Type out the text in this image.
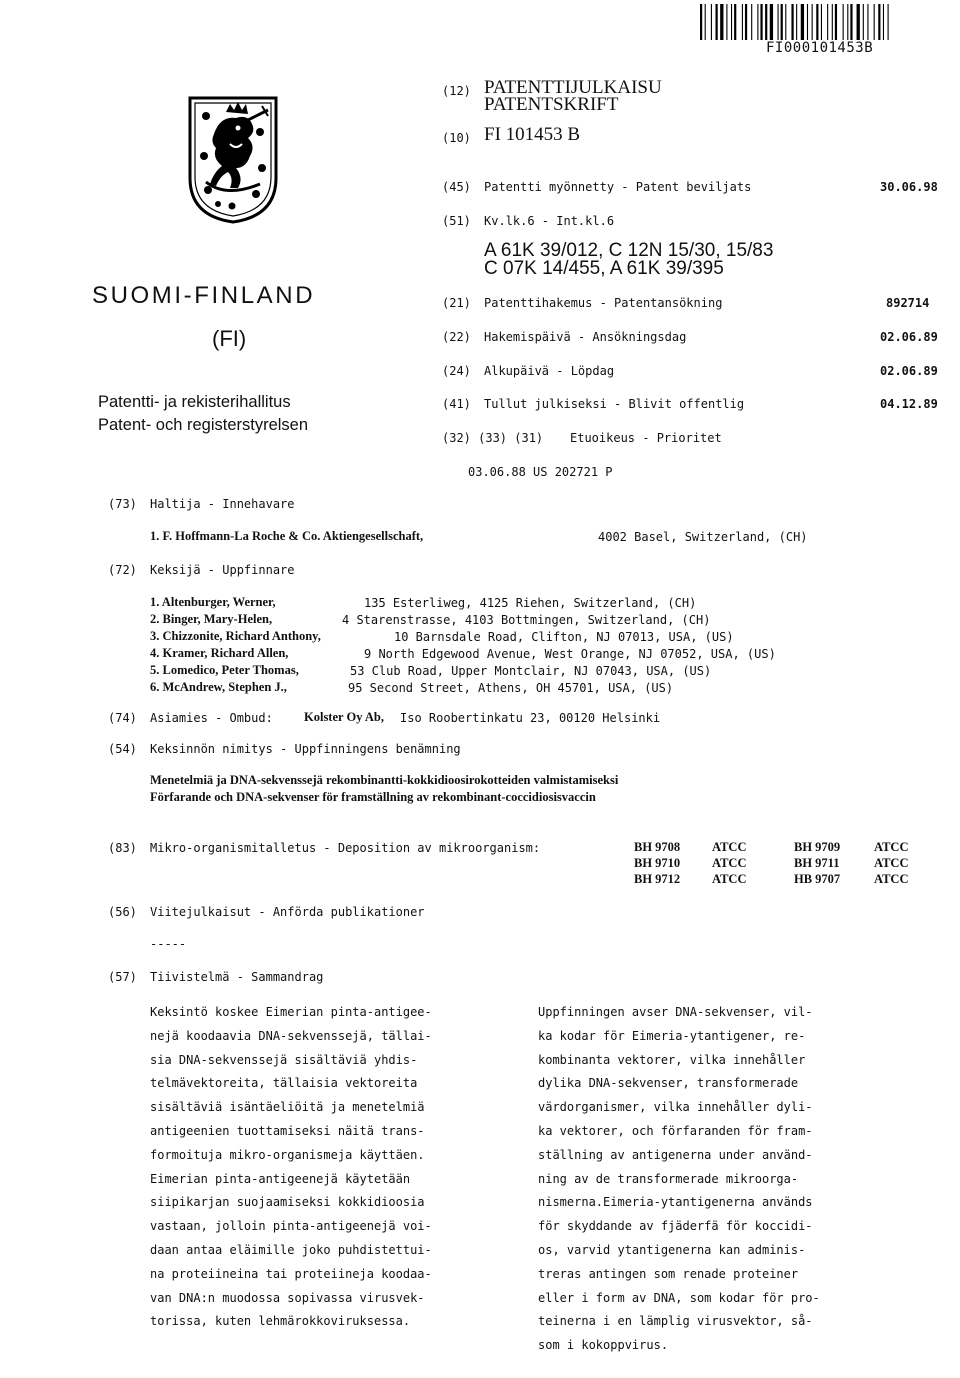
FI000101453B
SUOMI-FINLAND
(FI)
Patentti- ja rekisterihallitus
Patent- och registerstyrelsen
(12) PATENTTIJULKAISU
PATENTSKRIFT
(10) FI 101453 B
(45) Patentti myönnetty - Patent beviljats	30.06.98
(51) Kv.lk.6 - Int.kl.6
A 61K 39/012, C 12N 15/30, 15/83
C 07K 14/455, A 61K 39/395
(21) Patenttihakemus - Patentansökning	892714
(22) Hakemispäivä - Ansökningsdag	02.06.89
(24) Alkupäivä - Löpdag	02.06.89
(41) Tullut julkiseksi - Blivit offentlig	04.12.89
(32) (33) (31) Etuoikeus - Prioritet
03.06.88 US 202721 P
(73) Haltija - Innehavare
1. F. Hoffmann-La Roche & Co. Aktiengesellschaft,	4002 Basel, Switzerland, (CH)
(72) Keksijä - Uppfinnare
1. Altenburger, Werner,	135 Esterliweg, 4125 Riehen, Switzerland, (CH)
2. Binger, Mary-Helen,	4 Starenstrasse, 4103 Bottmingen, Switzerland, (CH)
3. Chizzonite, Richard Anthony,	10 Barnsdale Road, Clifton, NJ 07013, USA, (US)
4. Kramer, Richard Allen,	9 North Edgewood Avenue, West Orange, NJ 07052, USA, (US)
5. Lomedico, Peter Thomas,	53 Club Road, Upper Montclair, NJ 07043, USA, (US)
6. McAndrew, Stephen J.,	95 Second Street, Athens, OH 45701, USA, (US)
(74) Asiamies - Ombud: Kolster Oy Ab, Iso Roobertinkatu 23, 00120 Helsinki
(54) Keksinnön nimitys - Uppfinningens benämning
Menetelmiä ja DNA-sekvenssejä rekombinantti-kokkidioosirokotteiden valmistamiseksi
Förfarande och DNA-sekvenser för framställning av rekombinant-coccidiosisvaccin
(83) Mikro-organismitalletus - Deposition av mikroorganism:	BH 9708	ATCC	BH 9709	ATCC
BH 9710	ATCC	BH 9711	ATCC
BH 9712	ATCC	HB 9707	ATCC
(56) Viitejulkaisut - Anförda publikationer
-----
(57) Tiivistelmä - Sammandrag
Keksintö koskee Eimerian pinta-antigee-
nejä koodaavia DNA-sekvenssejä, tällai-
sia DNA-sekvenssejä sisältäviä yhdis-
telmävektoreita, tällaisia vektoreita
sisältäviä isäntäeliöitä ja menetelmiä
antigeenien tuottamiseksi näitä trans-
formoituja mikro-organismeja käyttäen.
Eimerian pinta-antigeenejä käytetään
siipikarjan suojaamiseksi kokkidioosia
vastaan, jolloin pinta-antigeenejä voi-
daan antaa eläimille joko puhdistettui-
na proteiineina tai proteiineja koodaa-
van DNA:n muodossa sopivassa virusvek-
torissa, kuten lehmärokkoviruksessa.
Uppfinningen avser DNA-sekvenser, vil-
ka kodar för Eimeria-ytantigener, re-
kombinanta vektorer, vilka innehåller
dylika DNA-sekvenser, transformerade
värdorganismer, vilka innehåller dyli-
ka vektorer, och förfaranden för fram-
ställning av antigenerna under använd-
ning av de transformerade mikroorga-
nismerna.Eimeria-ytantigenerna används
för skyddande av fjäderfä för koccidi-
os, varvid ytantigenerna kan adminis-
treras antingen som renade proteiner
eller i form av DNA, som kodar för pro-
teinerna i en lämplig virusvektor, så-
som i kokoppvirus.
